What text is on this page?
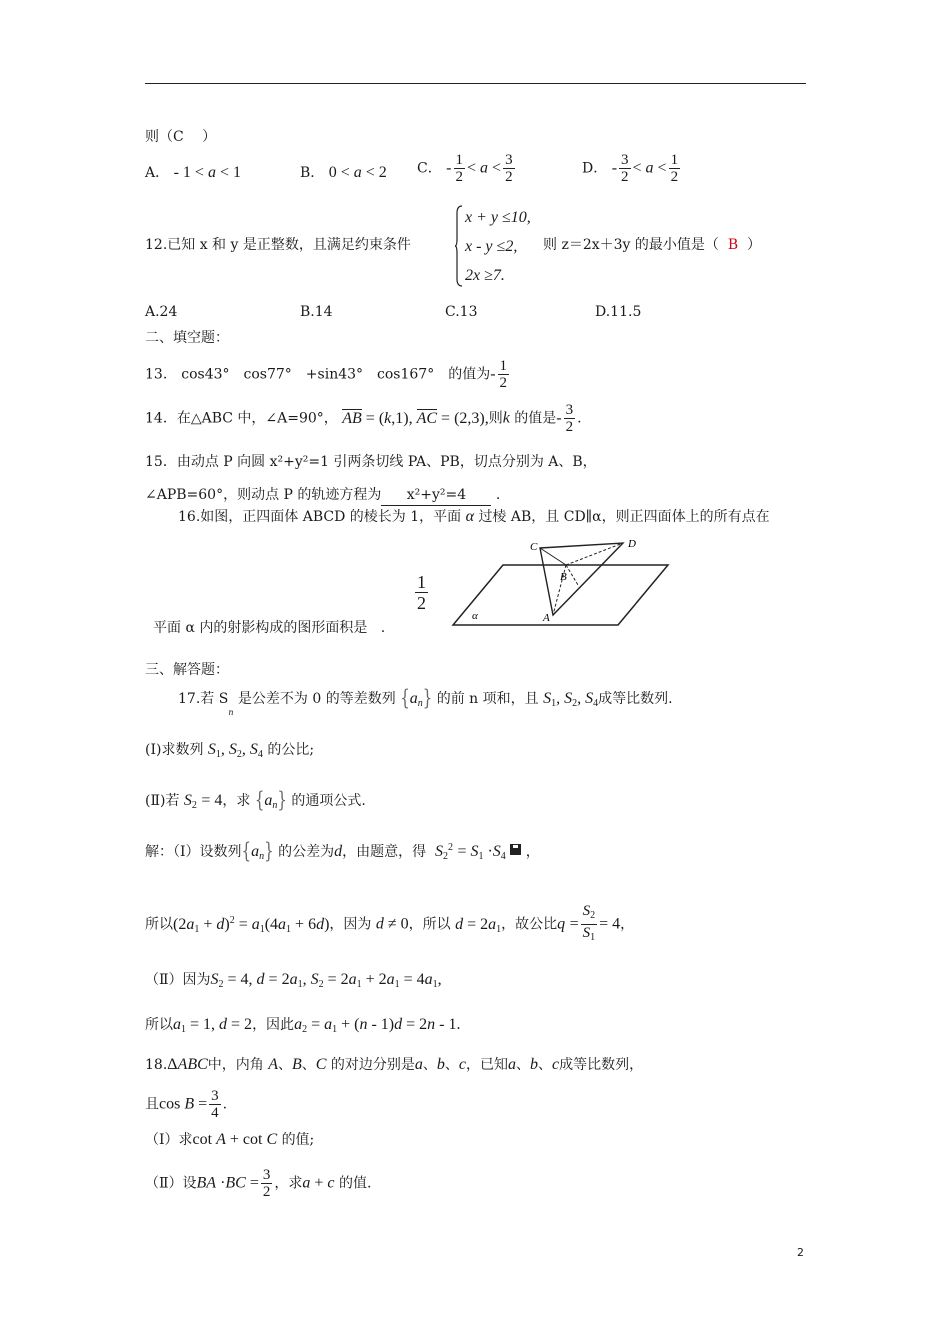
则（C　 ）
A． - 1 < a < 1	B． 0 < a < 2 C． - $\frac{1}{2} < a < \frac{3}{2}$	D． - $\frac{3}{2} < a < \frac{1}{2}$
12.已知 x 和 y 是正整数，且满足约束条件
x + y ≤10,
x - y ≤2,
2x ≥7.
则 z＝2x＋3y 的最小值是（ B ）
A.24	B.14	C.13	D.11.5
二、填空题：
13.　cos43°　cos77°　+sin43°　cos167°　的值为- $\frac{1}{2}$
14．在△ABC 中，∠A=90°， AB = (k,1), AC = (2,3),则k 的值是- $\frac{3}{2}$ .
15．由动点 P 向圆 x²+y²=1 引两条切线 PA、PB，切点分别为 A、B，
∠APB=60°，则动点 P 的轨迹方程为 x²+y²=4 .
16.如图，正四面体 ABCD 的棱长为 1，平面 α 过棱 AB，且 CD∥α，则正四面体上的所有点在
C	D
B
A
α
$\frac{1}{2}$
平面 α 内的射影构成的图形面积是   .
三、解答题：
17.若 $S_n$ 是公差不为 0 的等差数列 $\{a_n\}$ 的前 n 项和，且 $S_1$, $S_2$, $S_4$成等比数列.
(Ⅰ)求数列 $S_1$, $S_2$, $S_4$ 的公比;
(Ⅱ)若 $S_2 = 4$，求 $\{a_n\}$ 的通项公式.
解：（Ⅰ）设数列$\{a_n\}$ 的公差为d，由题意，得 $S_2^2 = S_1 \cdot S_4$  ，
所以$(2a_1 + d)^2 = a_1(4a_1 + 6d)$，因为 d ≠ 0，所以 $d = 2a_1$，故公比$q = \frac{S_2}{S_1} = 4$，
（Ⅱ）因为$S_2 = 4$, $d = 2a_1$, $S_2 = 2a_1 + 2a_1 = 4a_1$,
所以$a_1 = 1$, d = 2，因此$a_2 = a_1 + (n - 1)d = 2n - 1$.
18.ΔABC中，内角 A、B、C 的对边分别是a、b、c，已知a、b、c成等比数列，
且$\cos B = \frac{3}{4}$ .
（Ⅰ）求cot A + cot C 的值;
（Ⅱ）设BA $\cdot BC = \frac{3}{2}$ ，求a + c 的值.
2
